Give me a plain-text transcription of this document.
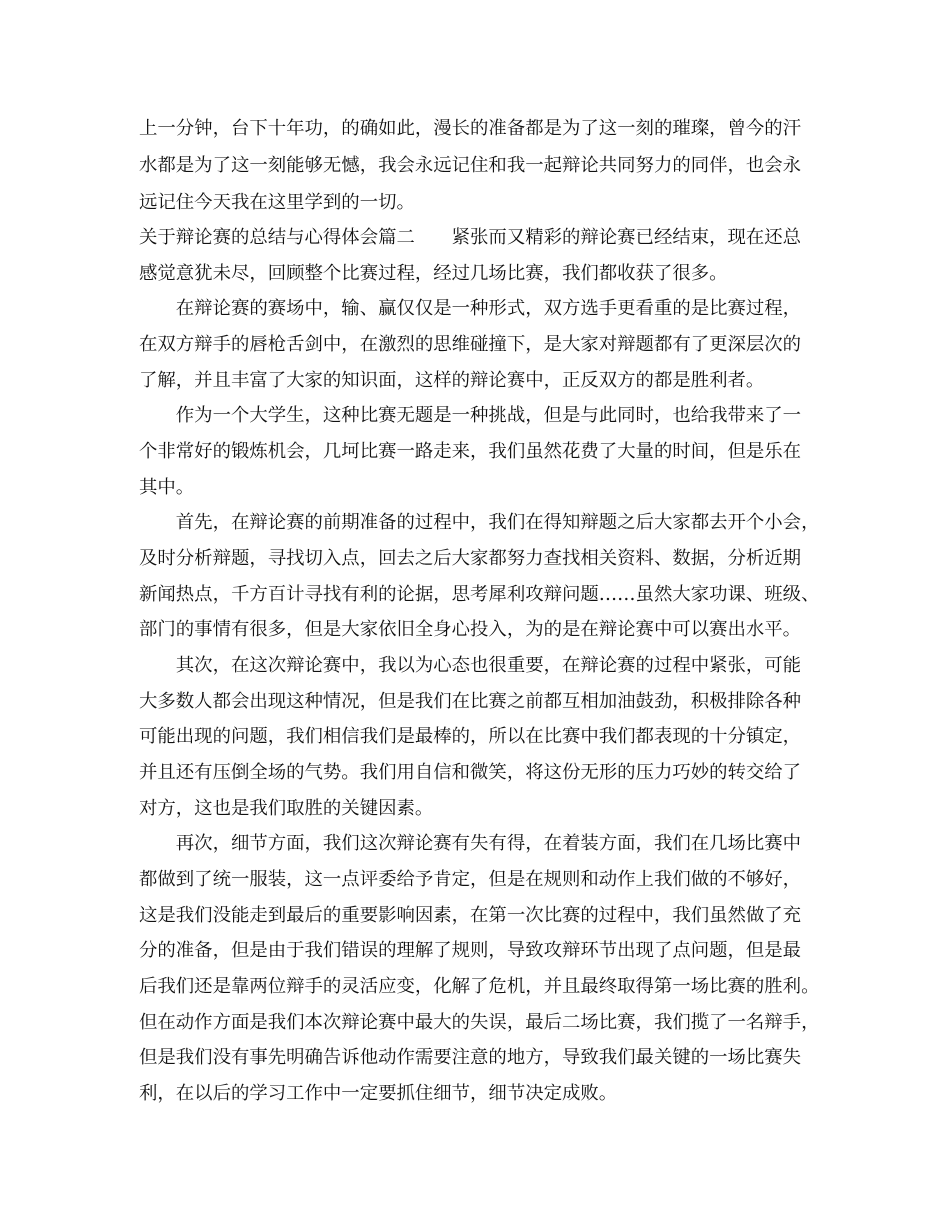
上一分钟，台下十年功，的确如此，漫长的准备都是为了这一刻的璀璨，曾今的汗

水都是为了这一刻能够无憾，我会永远记住和我一起辩论共同努力的同伴，也会永

远记住今天我在这里学到的一切。

关于辩论赛的总结与心得体会篇二　　紧张而又精彩的辩论赛已经结束，现在还总

感觉意犹未尽，回顾整个比赛过程，经过几场比赛，我们都收获了很多。

　　在辩论赛的赛场中，输、赢仅仅是一种形式，双方选手更看重的是比赛过程，

在双方辩手的唇枪舌剑中，在激烈的思维碰撞下，是大家对辩题都有了更深层次的

了解，并且丰富了大家的知识面，这样的辩论赛中，正反双方的都是胜利者。

　　作为一个大学生，这种比赛无题是一种挑战，但是与此同时，也给我带来了一

个非常好的锻炼机会，几坷比赛一路走来，我们虽然花费了大量的时间，但是乐在

其中。

　　首先，在辩论赛的前期准备的过程中，我们在得知辩题之后大家都去开个小会，

及时分析辩题，寻找切入点，回去之后大家都努力查找相关资料、数据，分析近期

新闻热点，千方百计寻找有利的论据，思考犀利攻辩问题……虽然大家功课、班级、

部门的事情有很多，但是大家依旧全身心投入，为的是在辩论赛中可以赛出水平。

　　其次，在这次辩论赛中，我以为心态也很重要，在辩论赛的过程中紧张，可能

大多数人都会出现这种情况，但是我们在比赛之前都互相加油鼓劲，积极排除各种

可能出现的问题，我们相信我们是最棒的，所以在比赛中我们都表现的十分镇定，

并且还有压倒全场的气势。我们用自信和微笑，将这份无形的压力巧妙的转交给了

对方，这也是我们取胜的关键因素。

　　再次，细节方面，我们这次辩论赛有失有得，在着装方面，我们在几场比赛中

都做到了统一服装，这一点评委给予肯定，但是在规则和动作上我们做的不够好，

这是我们没能走到最后的重要影响因素，在第一次比赛的过程中，我们虽然做了充

分的准备，但是由于我们错误的理解了规则，导致攻辩环节出现了点问题，但是最

后我们还是靠两位辩手的灵活应变，化解了危机，并且最终取得第一场比赛的胜利。

但在动作方面是我们本次辩论赛中最大的失误，最后二场比赛，我们揽了一名辩手，

但是我们没有事先明确告诉他动作需要注意的地方，导致我们最关键的一场比赛失

利，在以后的学习工作中一定要抓住细节，细节决定成败。
